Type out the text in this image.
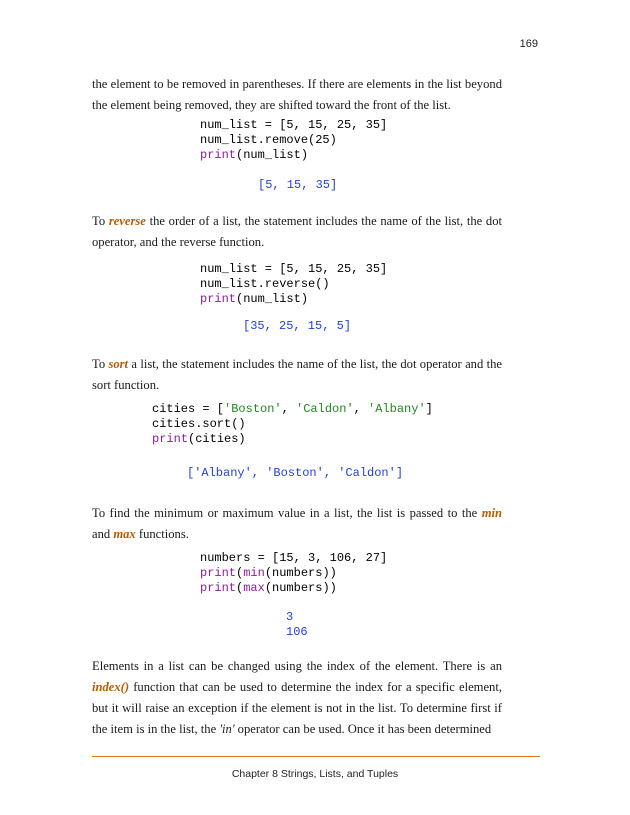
169

the element to be removed in parentheses. If there are elements in the list beyond the element being removed, they are shifted toward the front of the list.

num_list = [5, 15, 25, 35]
num_list.remove(25)
print(num_list)
[5, 15, 35]

To reverse the order of a list, the statement includes the name of the list, the dot operator, and the reverse function.

num_list = [5, 15, 25, 35]
num_list.reverse()
print(num_list)
[35, 25, 15, 5]

To sort a list, the statement includes the name of the list, the dot operator and the sort function.

cities = ['Boston', 'Caldon', 'Albany']
cities.sort()
print(cities)
['Albany', 'Boston', 'Caldon']

To find the minimum or maximum value in a list, the list is passed to the min and max functions.

numbers = [15, 3, 106, 27]
print(min(numbers))
print(max(numbers))
3
106

Elements in a list can be changed using the index of the element. There is an index() function that can be used to determine the index for a specific element, but it will raise an exception if the element is not in the list. To determine first if the item is in the list, the 'in' operator can be used. Once it has been determined

Chapter 8 Strings, Lists, and Tuples
